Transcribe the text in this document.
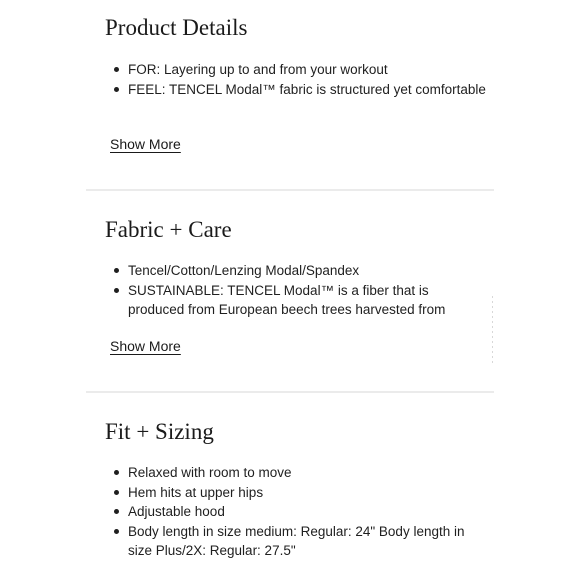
Product Details
FOR: Layering up to and from your workout
FEEL: TENCEL Modal™ fabric is structured yet comfortable
Show More
Fabric + Care
Tencel/Cotton/Lenzing Modal/Spandex
SUSTAINABLE: TENCEL Modal™ is a fiber that is produced from European beech trees harvested from
Show More
Fit + Sizing
Relaxed with room to move
Hem hits at upper hips
Adjustable hood
Body length in size medium: Regular: 24" Body length in size Plus/2X: Regular: 27.5"
